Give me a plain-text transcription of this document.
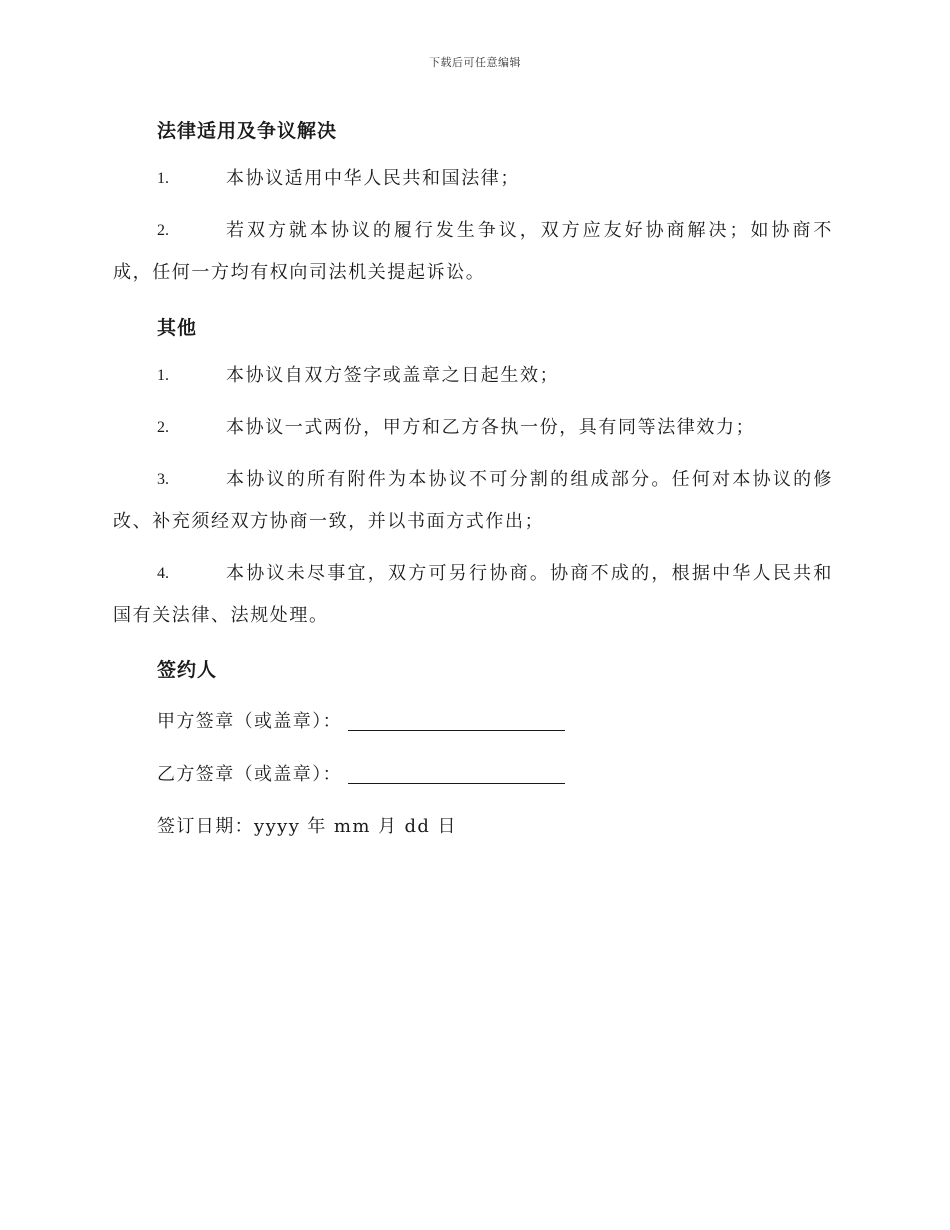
下载后可任意编辑
法律适用及争议解决
1.	本协议适用中华人民共和国法律；
2.	若双方就本协议的履行发生争议，双方应友好协商解决；如协商不成，任何一方均有权向司法机关提起诉讼。
其他
1.	本协议自双方签字或盖章之日起生效；
2.	本协议一式两份，甲方和乙方各执一份，具有同等法律效力；
3.	本协议的所有附件为本协议不可分割的组成部分。任何对本协议的修改、补充须经双方协商一致，并以书面方式作出；
4.	本协议未尽事宜，双方可另行协商。协商不成的，根据中华人民共和国有关法律、法规处理。
签约人
甲方签章（或盖章）：
乙方签章（或盖章）：
签订日期：yyyy 年 mm 月 dd 日
